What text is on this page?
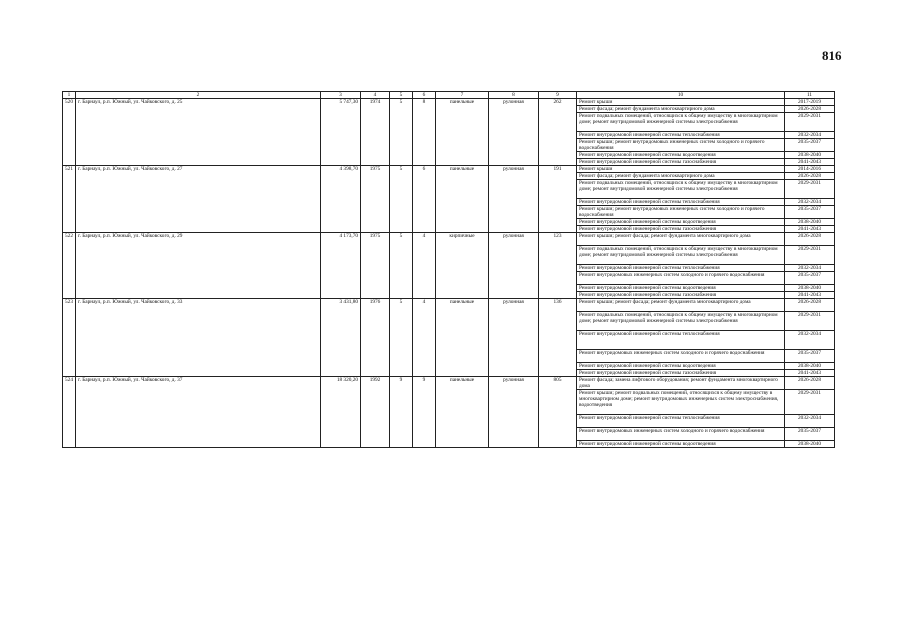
816
1	2	3	4	5	6	7	8	9	10	11
520	г. Барнаул, р.п. Южный, ул. Чайковского, д. 25	5 747,30	1974	5	8	панельные	рулонная	262	Ремонт крыши	2017-2019
									Ремонт фасада; ремонт фундамента многоквартирного дома	2026-2028
									Ремонт подвальных помещений, относящихся к общему имуществу в многоквартирном доме; ремонт внутридомовой инженерной системы электроснабжения	2029-2031
									Ремонт внутридомовой инженерной системы теплоснабжения	2032-2034
									Ремонт крыши; ремонт внутридомовых инженерных систем холодного и горячего водоснабжения	2035-2037
									Ремонт внутридомовой инженерной системы водоотведения	2038-2040
									Ремонт внутридомовой инженерной системы газоснабжения	2041-2043
521	г. Барнаул, р.п. Южный, ул. Чайковского, д. 27	4 398,70	1975	5	6	панельные	рулонная	191	Ремонт крыши	2014-2016
									Ремонт фасада; ремонт фундамента многоквартирного дома	2026-2028
									Ремонт подвальных помещений, относящихся к общему имуществу в многоквартирном доме; ремонт внутридомовой инженерной системы электроснабжения	2029-2031
									Ремонт внутридомовой инженерной системы теплоснабжения	2032-2034
									Ремонт крыши; ремонт внутридомовых инженерных систем холодного и горячего водоснабжения	2035-2037
									Ремонт внутридомовой инженерной системы водоотведения	2038-2040
									Ремонт внутридомовой инженерной системы газоснабжения	2041-2043
522	г. Барнаул, р.п. Южный, ул. Чайковского, д. 29	4 173,70	1975	5	4	кирпичные	рулонная	123	Ремонт крыши; ремонт фасада; ремонт фундамента многоквартирного дома	2026-2028
									Ремонт подвальных помещений, относящихся к общему имуществу в многоквартирном доме; ремонт внутридомовой инженерной системы электроснабжения	2029-2031
									Ремонт внутридомовой инженерной системы теплоснабжения	2032-2034
									Ремонт внутридомовых инженерных систем холодного и горячего водоснабжения	2035-2037
									Ремонт внутридомовой инженерной системы водоотведения	2038-2040
									Ремонт внутридомовой инженерной системы газоснабжения	2041-2043
523	г. Барнаул, р.п. Южный, ул. Чайковского, д. 33	3 431,80	1976	5	4	панельные	рулонная	136	Ремонт крыши; ремонт фасада; ремонт фундамента многоквартирного дома	2026-2028
									Ремонт подвальных помещений, относящихся к общему имуществу в многоквартирном доме; ремонт внутридомовой инженерной системы электроснабжения	2029-2031
									Ремонт внутридомовой инженерной системы теплоснабжения	2032-2034
									Ремонт внутридомовых инженерных систем холодного и горячего водоснабжения	2035-2037
									Ремонт внутридомовой инженерной системы водоотведения	2038-2040
									Ремонт внутридомовой инженерной системы газоснабжения	2041-2043
524	г. Барнаул, р.п. Южный, ул. Чайковского, д. 37	18 320,20	1992	9	9	панельные	рулонная	805	Ремонт фасада; замена лифтового оборудования; ремонт фундамента многоквартирного дома	2026-2028
									Ремонт крыши; ремонт подвальных помещений, относящихся к общему имуществу в многоквартирном доме; ремонт внутридомовых инженерных систем электроснабжения, водоотведения	2029-2031
									Ремонт внутридомовой инженерной системы теплоснабжения	2032-2034
									Ремонт внутридомовых инженерных систем холодного и горячего водоснабжения	2035-2037
									Ремонт внутридомовой инженерной системы водоотведения	2038-2040
